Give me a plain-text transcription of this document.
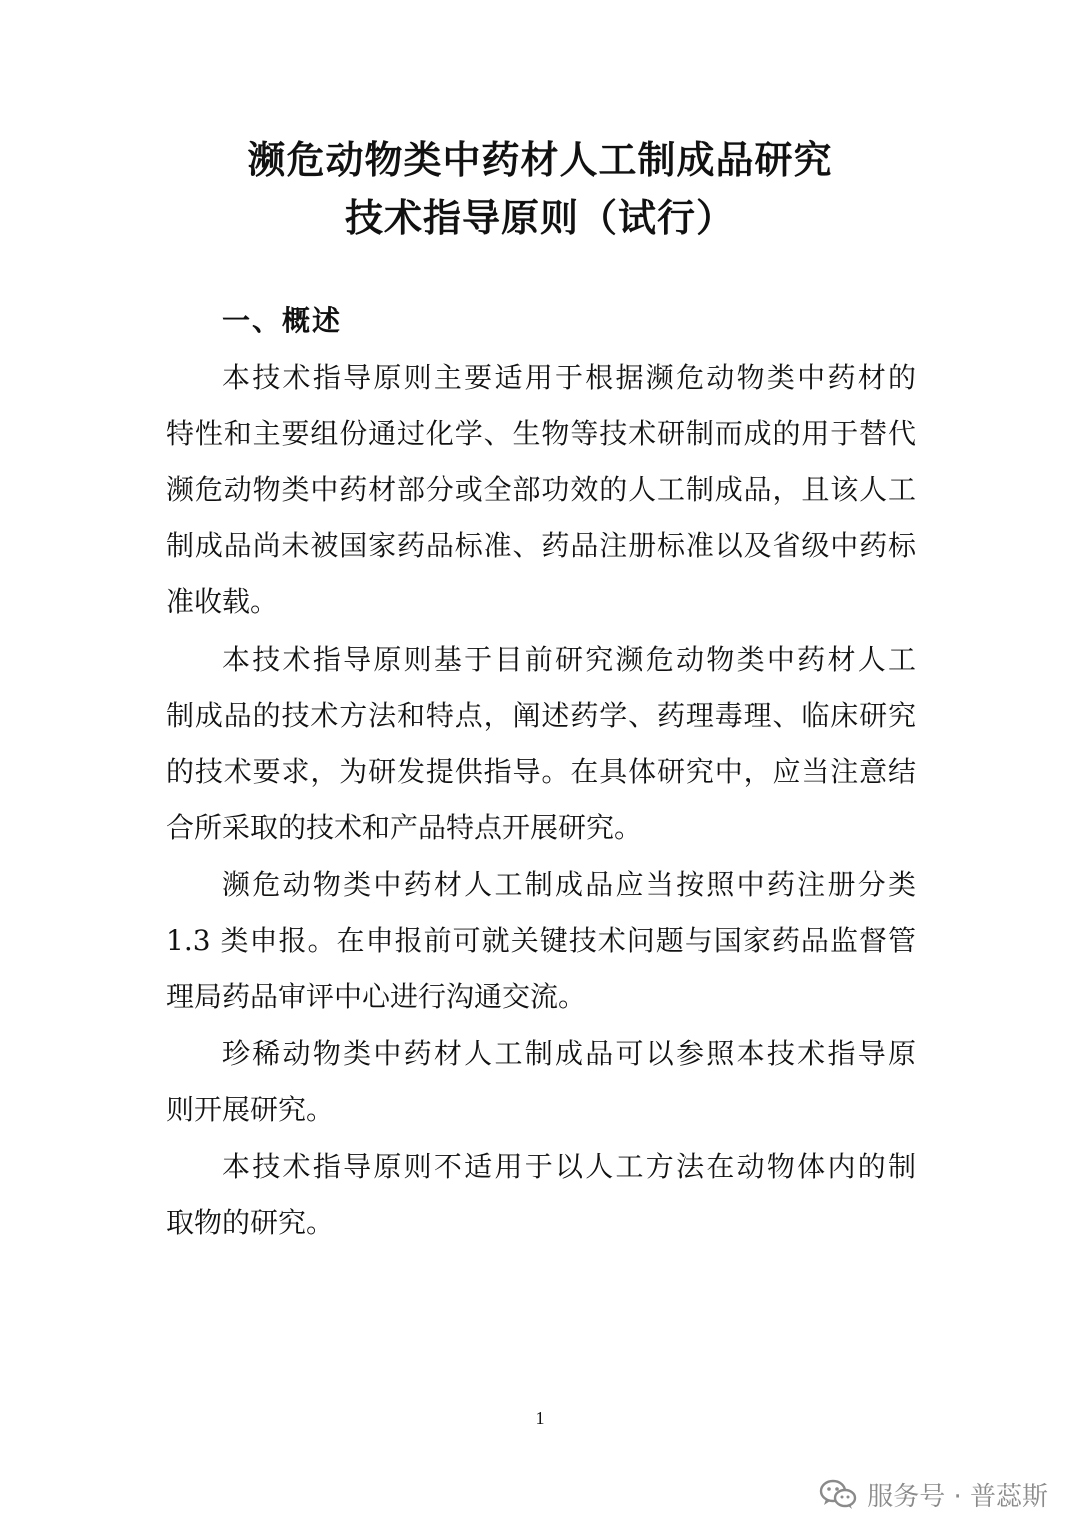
濒危动物类中药材人工制成品研究
技术指导原则（试行）
一、概述
本技术指导原则主要适用于根据濒危动物类中药材的
特性和主要组份通过化学、生物等技术研制而成的用于替代
濒危动物类中药材部分或全部功效的人工制成品，且该人工
制成品尚未被国家药品标准、药品注册标准以及省级中药标
准收载。
本技术指导原则基于目前研究濒危动物类中药材人工
制成品的技术方法和特点，阐述药学、药理毒理、临床研究
的技术要求，为研发提供指导。在具体研究中，应当注意结
合所采取的技术和产品特点开展研究。
濒危动物类中药材人工制成品应当按照中药注册分类
1.3 类申报。在申报前可就关键技术问题与国家药品监督管
理局药品审评中心进行沟通交流。
珍稀动物类中药材人工制成品可以参照本技术指导原
则开展研究。
本技术指导原则不适用于以人工方法在动物体内的制
取物的研究。
1
服务号 · 普蕊斯
